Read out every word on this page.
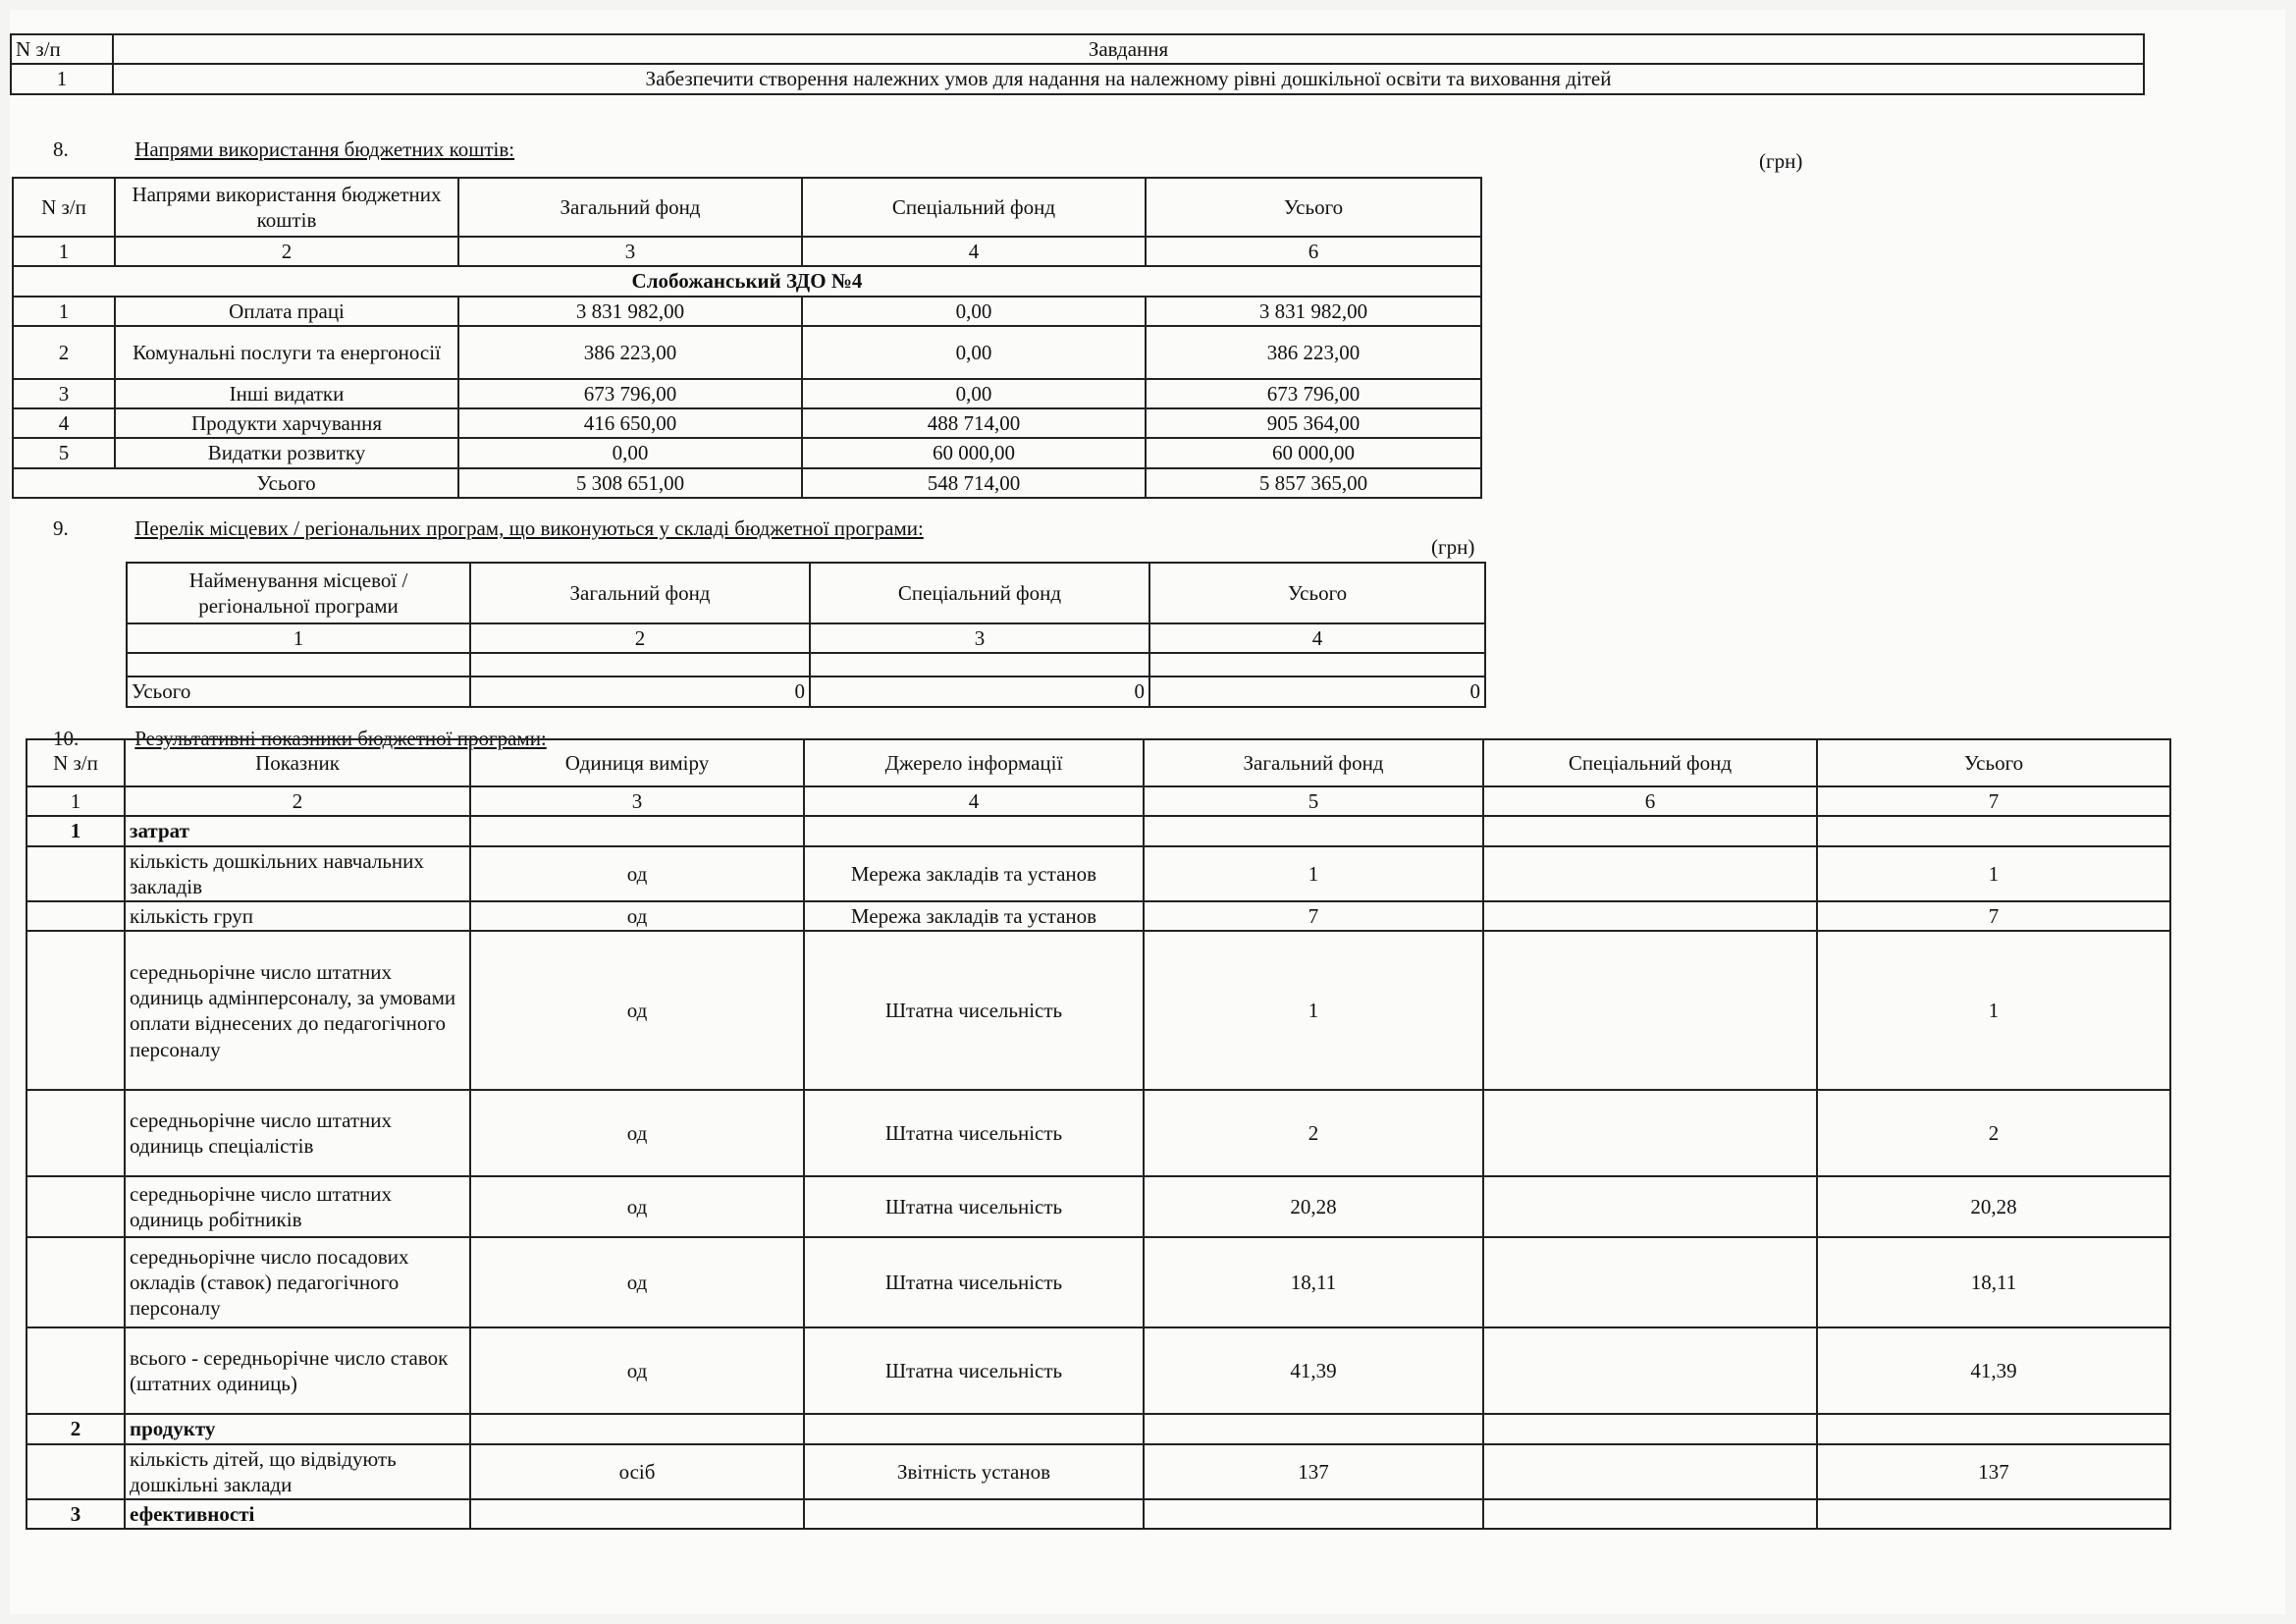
N з/п	Завдання
1	Забезпечити створення належних умов для надання на належному рівні дошкільної освіти та виховання дітей
8.	Напрями використання бюджетних коштів:	(грн)
N з/п	Напрями використання бюджетних коштів	Загальний фонд	Спеціальний фонд	Усього
1	2	3	4	6
Слобожанський ЗДО №4				
1	Оплата праці	3 831 982,00	0,00	3 831 982,00
2	Комунальні послуги та енергоносії	386 223,00	0,00	386 223,00
3	Інші видатки	673 796,00	0,00	673 796,00
4	Продукти харчування	416 650,00	488 714,00	905 364,00
5	Видатки розвитку	0,00	60 000,00	60 000,00
	Усього	5 308 651,00	548 714,00	5 857 365,00
9.	Перелік місцевих / регіональних програм, що виконуються у складі бюджетної програми:
(грн)
Найменування місцевої / регіональної програми	Загальний фонд	Спеціальний фонд	Усього
1	2	3	4

Усього	0	0	0
10.	Результативні показники бюджетної програми:
N з/п	Показник	Одиниця виміру	Джерело інформації	Загальний фонд	Спеціальний фонд	Усього
1	2	3	4	5	6	7
1	затрат					
	кількість дошкільних навчальних закладів	од	Мережа закладів та установ	1		1
	кількість груп	од	Мережа закладів та установ	7		7
	середньорічне число штатних одиниць адмінперсоналу, за умовами оплати віднесених до педагогічного персоналу	од	Штатна чисельність	1		1
	середньорічне число штатних одиниць спеціалістів	од	Штатна чисельність	2		2
	середньорічне число штатних одиниць робітників	од	Штатна чисельність	20,28		20,28
	середньорічне число посадових окладів (ставок) педагогічного персоналу	од	Штатна чисельність	18,11		18,11
	всього - середньорічне число ставок (штатних одиниць)	од	Штатна чисельність	41,39		41,39
2	продукту					
	кількість дітей, що відвідують дошкільні заклади	осіб	Звітність установ	137		137
3	ефективності					
